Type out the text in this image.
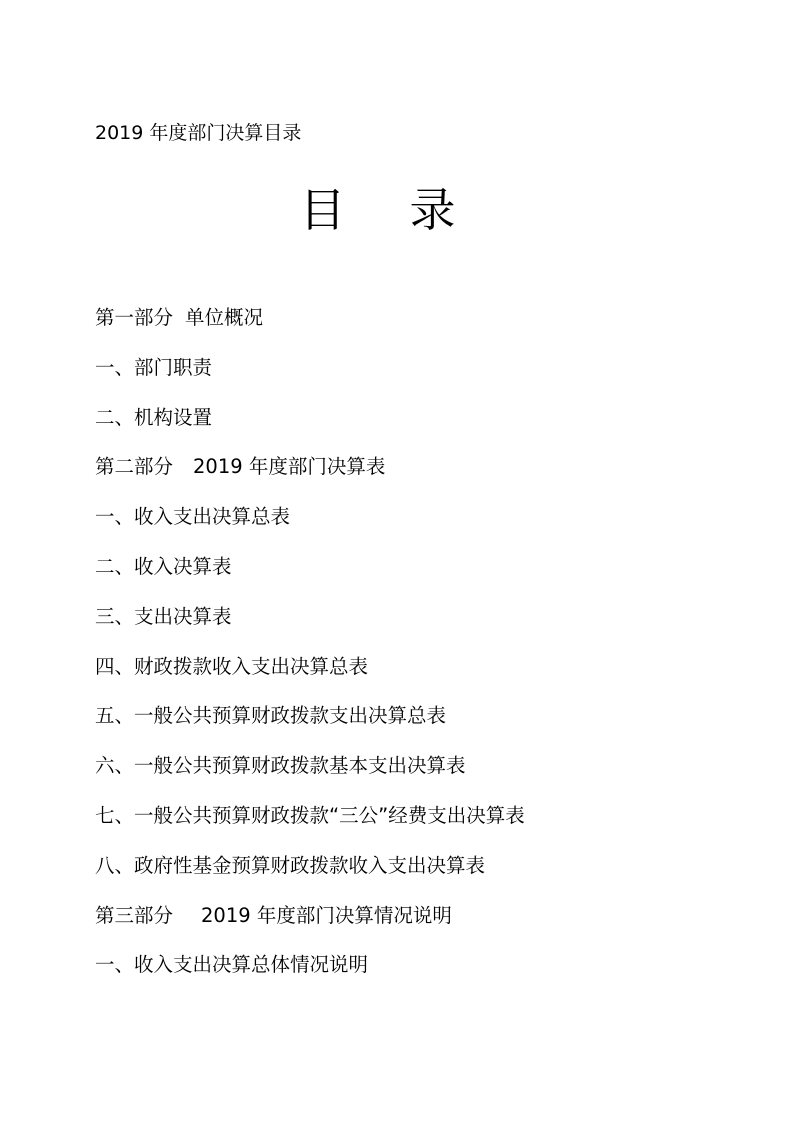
2019 年度部门决算目录
目 录
第一部分 单位概况
一、部门职责
二、机构设置
第二部分 2019 年度部门决算表
一、收入支出决算总表
二、收入决算表
三、支出决算表
四、财政拨款收入支出决算总表
五、一般公共预算财政拨款支出决算总表
六、一般公共预算财政拨款基本支出决算表
七、一般公共预算财政拨款“三公”经费支出决算表
八、政府性基金预算财政拨款收入支出决算表
第三部分 2019 年度部门决算情况说明
一、收入支出决算总体情况说明
